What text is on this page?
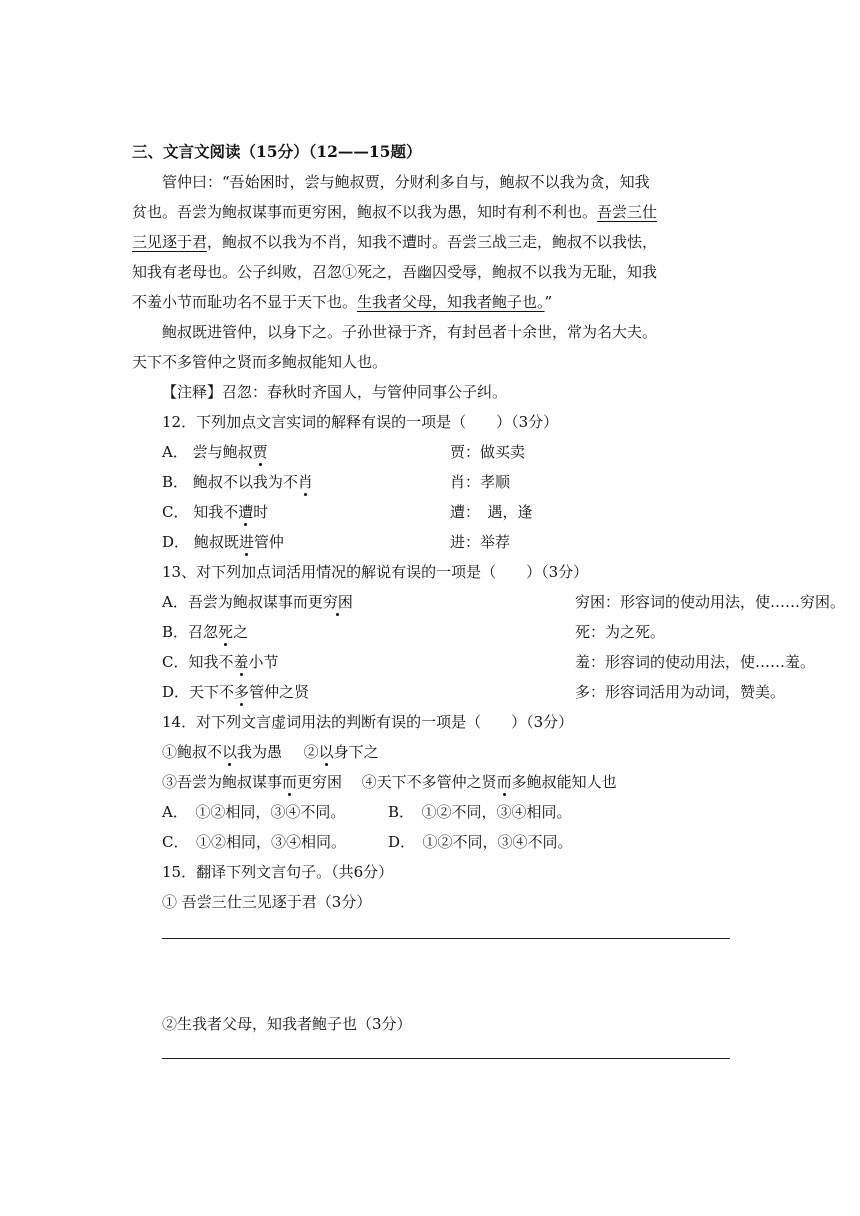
三、文言文阅读（15分）（12——15题）
管仲曰：“吾始困时，尝与鲍叔贾，分财利多自与，鲍叔不以我为贪，知我
贫也。吾尝为鲍叔谋事而更穷困，鲍叔不以我为愚，知时有利不利也。吾尝三仕
三见逐于君，鲍叔不以我为不肖，知我不遭时。吾尝三战三走，鲍叔不以我怯，
知我有老母也。公子纠败，召忽①死之，吾幽囚受辱，鲍叔不以我为无耻，知我
不羞小节而耻功名不显于天下也。生我者父母，知我者鲍子也。”
鲍叔既进管仲，以身下之。子孙世禄于齐，有封邑者十余世，常为名大夫。
天下不多管仲之贤而多鲍叔能知人也。
【注释】召忽：春秋时齐国人，与管仲同事公子纠。
12．下列加点文言实词的解释有误的一项是（　　）（3分）
A． 尝与鲍叔贾	贾：做买卖
B． 鲍叔不以我为不肖	肖：孝顺
C． 知我不遭时	遭：　遇，逢
D． 鲍叔既进管仲	进：举荐
13、对下列加点词活用情况的解说有误的一项是（　　）（3分）
A．吾尝为鲍叔谋事而更穷困	穷困：形容词的使动用法，使……穷困。
B．召忽死之	死：为之死。
C．知我不羞小节	羞：形容词的使动用法，使……羞。
D．天下不多管仲之贤	多：形容词活用为动词，赞美。
14．对下列文言虚词用法的判断有误的一项是（　　）（3分）
①鲍叔不以我为愚 ②以身下之
③吾尝为鲍叔谋事而更穷困 ④天下不多管仲之贤而多鲍叔能知人也
A．　①②相同，③④不同。	B．　①②不同，③④相同。
C．　①②相同，③④相同。	D．　①②不同，③④不同。
15．翻译下列文言句子。（共6分）
① 吾尝三仕三见逐于君（3分）
②生我者父母，知我者鲍子也（3分）
